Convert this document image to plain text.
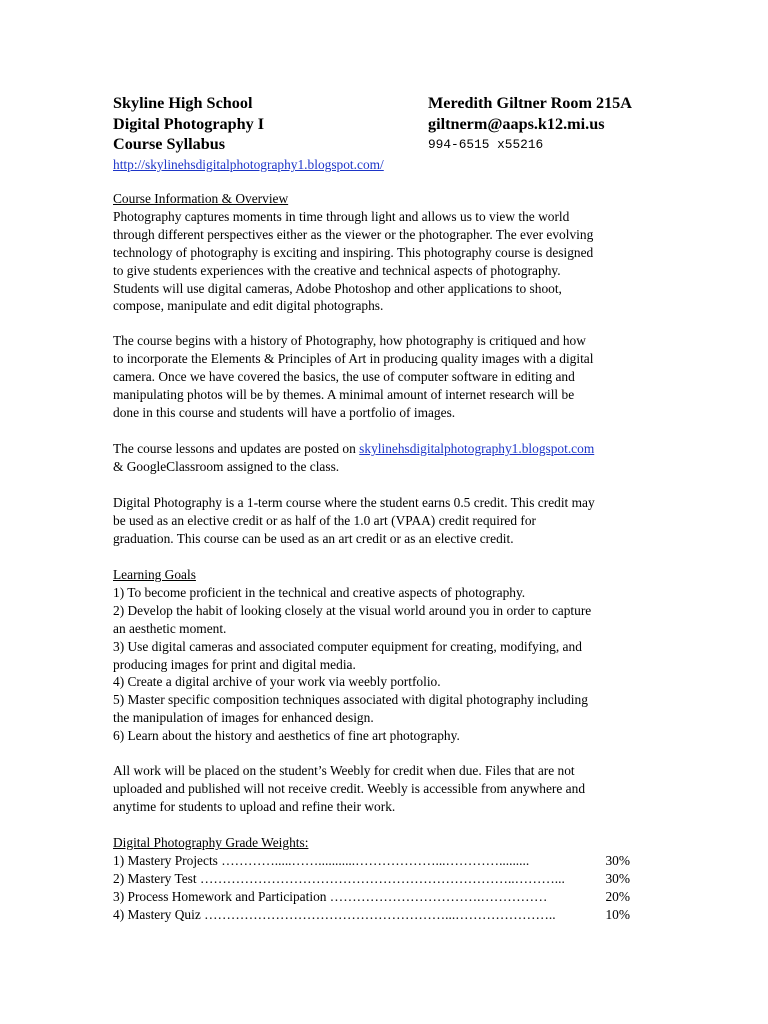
Skyline High School	Meredith Giltner Room 215A
Digital Photography I	giltnerm@aaps.k12.mi.us
Course Syllabus	994-6515 x55216
http://skylinehsdigitalphotography1.blogspot.com/
Course Information & Overview
Photography captures moments in time through light and allows us to view the world
through different perspectives either as the viewer or the photographer. The ever evolving
technology of photography is exciting and inspiring. This photography course is designed
to give students experiences with the creative and technical aspects of photography.
Students will use digital cameras, Adobe Photoshop and other applications to shoot,
compose, manipulate and edit digital photographs.
The course begins with a history of Photography, how photography is critiqued and how
to incorporate the Elements & Principles of Art in producing quality images with a digital
camera. Once we have covered the basics, the use of computer software in editing and
manipulating photos will be by themes. A minimal amount of internet research will be
done in this course and students will have a portfolio of images.
The course lessons and updates are posted on skylinehsdigitalphotography1.blogspot.com
& GoogleClassroom assigned to the class.
Digital Photography is a 1-term course where the student earns 0.5 credit. This credit may
be used as an elective credit or as half of the 1.0 art (VPAA) credit required for
graduation. This course can be used as an art credit or as an elective credit.
Learning Goals
1) To become proficient in the technical and creative aspects of photography.
2) Develop the habit of looking closely at the visual world around you in order to capture
an aesthetic moment.
3) Use digital cameras and associated computer equipment for creating, modifying, and
producing images for print and digital media.
4) Create a digital archive of your work via weebly portfolio.
5) Master specific composition techniques associated with digital photography including
the manipulation of images for enhanced design.
6) Learn about the history and aesthetics of fine art photography.
All work will be placed on the student’s Weebly for credit when due. Files that are not
uploaded and published will not receive credit. Weebly is accessible from anywhere and
anytime for students to upload and refine their work.
Digital Photography Grade Weights:
1) Mastery Projects ………….....……...........………………...………….........	30%
2) Mastery Test ……………………………………………………………..………...	30%
3) Process Homework and Participation …………………………….……………	20%
4) Mastery Quiz ………………………………………………...…………………..	10%
